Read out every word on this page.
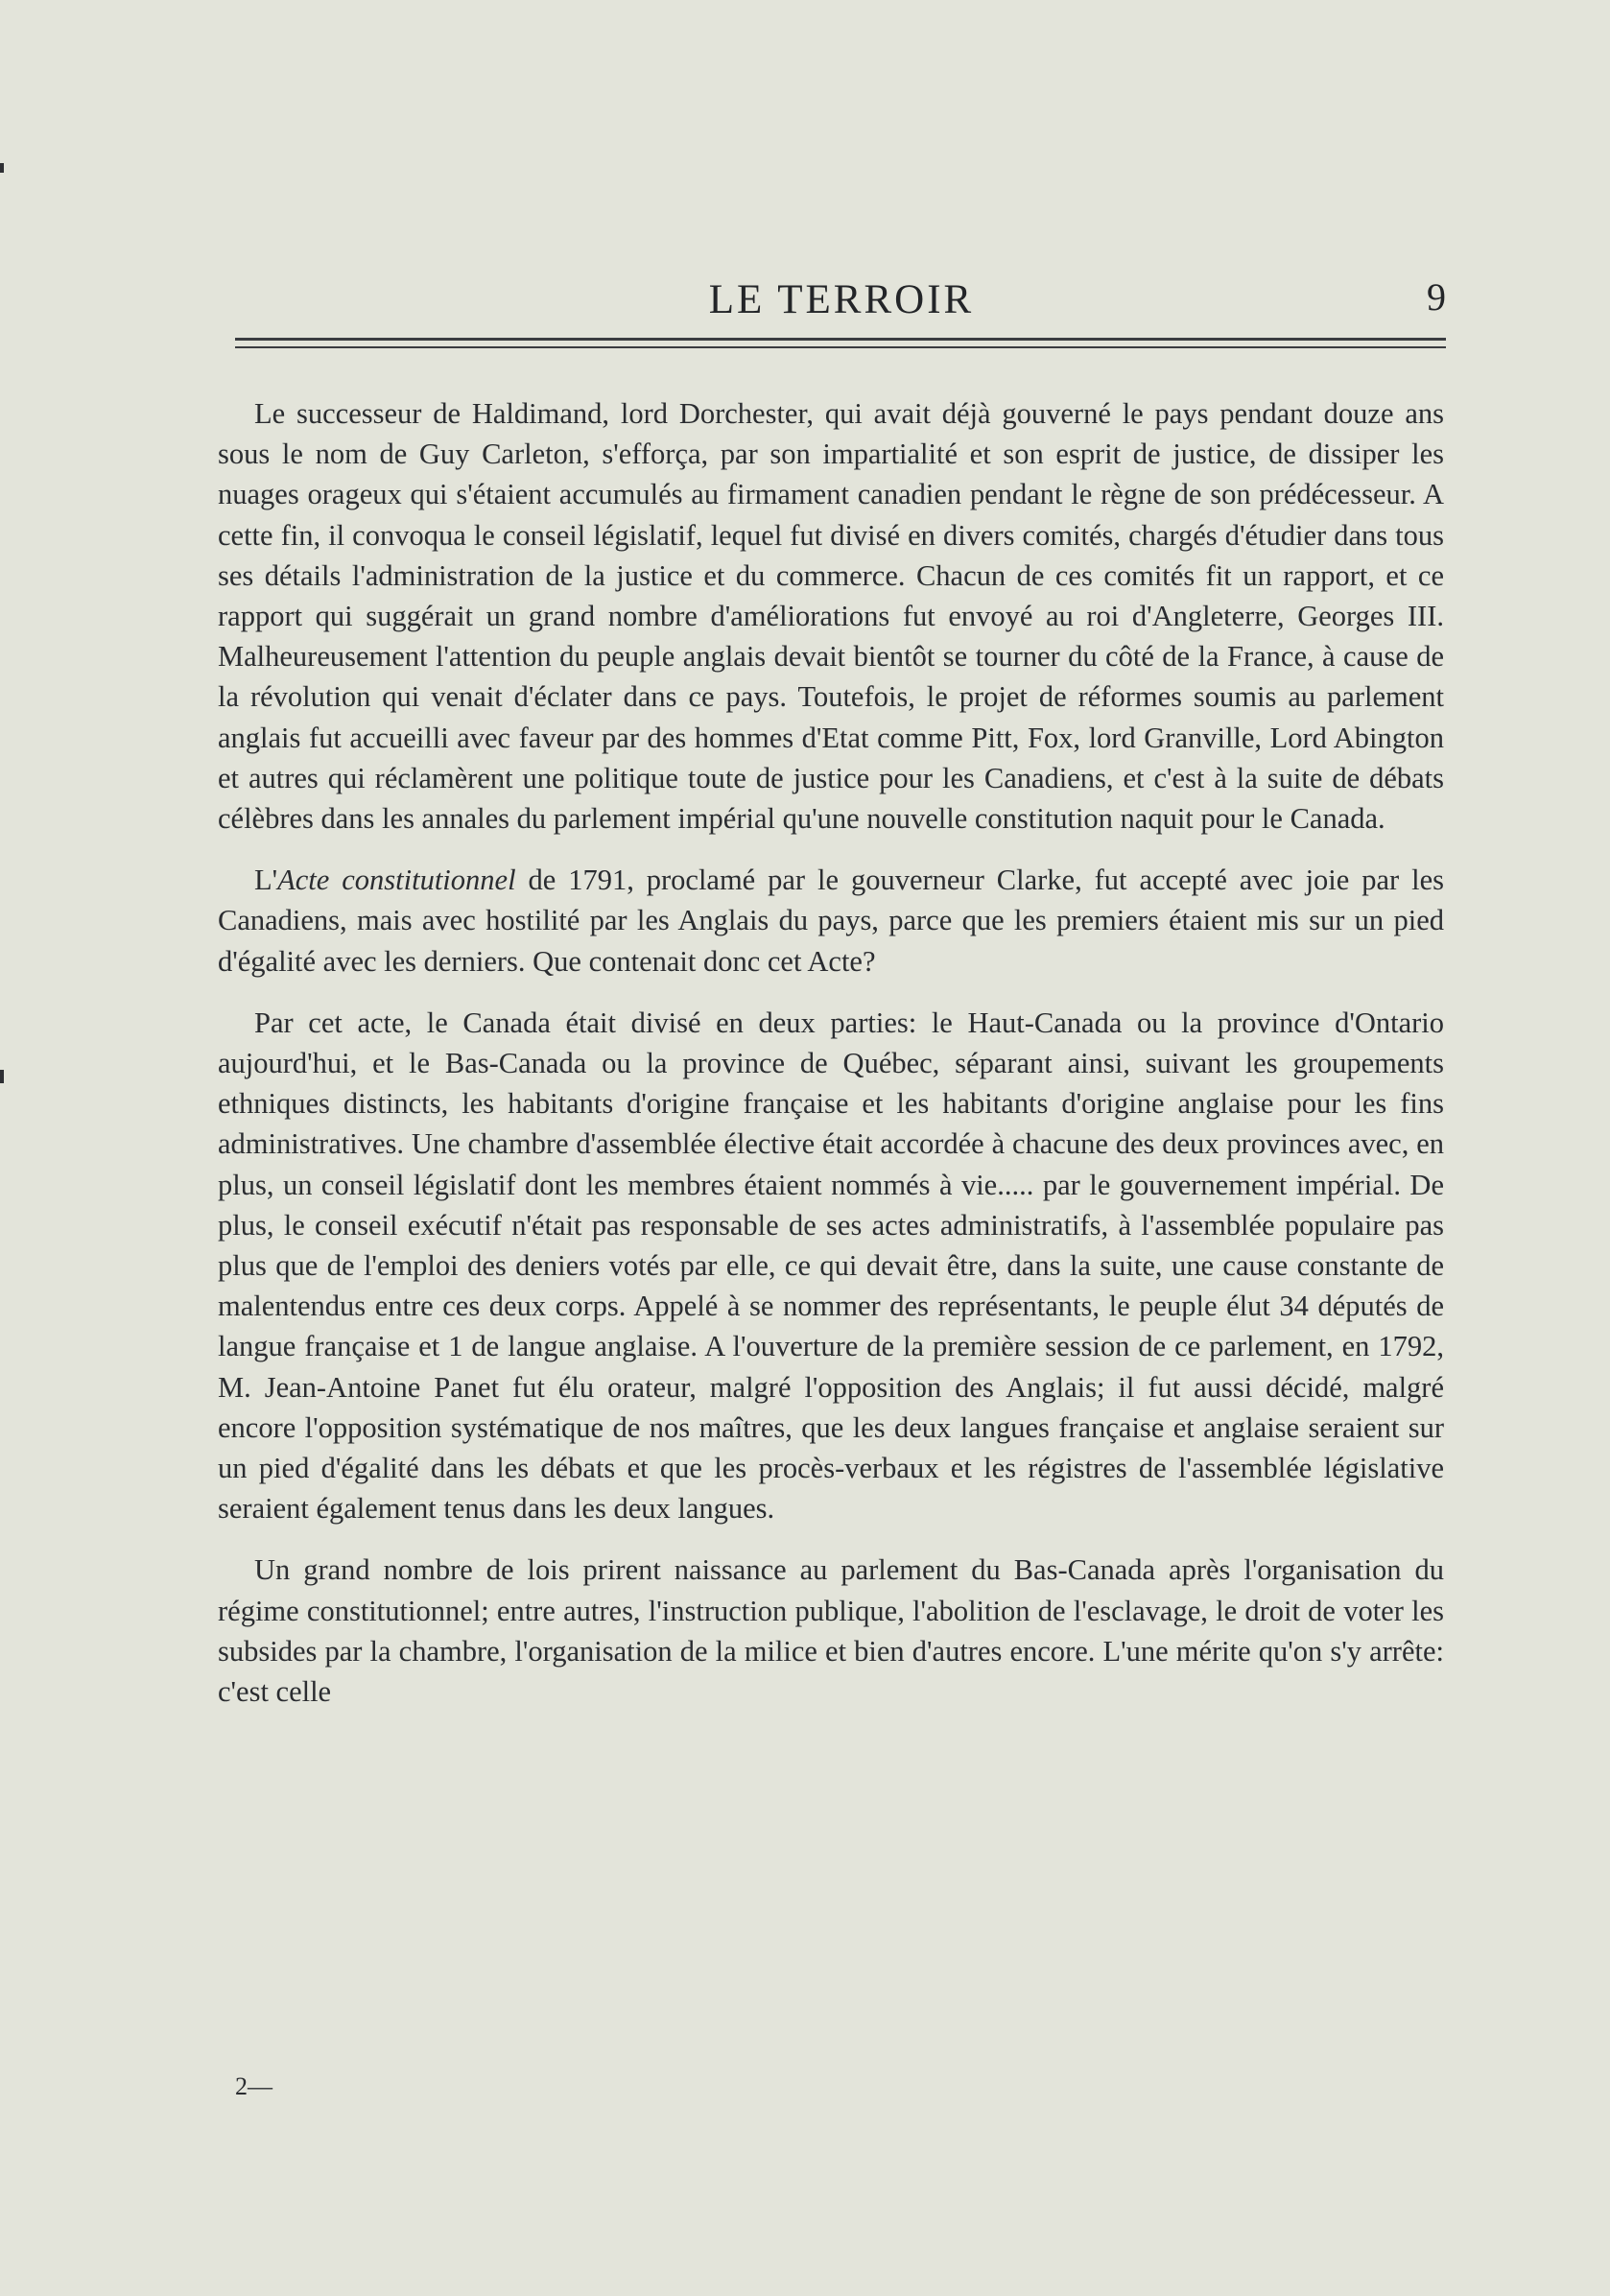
LE TERROIR	9

Le successeur de Haldimand, lord Dorchester, qui avait déjà gouverné le pays pendant douze ans sous le nom de Guy Carleton, s'efforça, par son impartialité et son esprit de justice, de dissiper les nuages orageux qui s'étaient accumulés au firmament canadien pendant le règne de son prédécesseur. A cette fin, il convoqua le conseil législatif, lequel fut divisé en divers comités, chargés d'étudier dans tous ses détails l'administration de la justice et du commerce. Chacun de ces comités fit un rapport, et ce rapport qui suggérait un grand nombre d'améliorations fut envoyé au roi d'Angleterre, Georges III. Malheureusement l'attention du peuple anglais devait bientôt se tourner du côté de la France, à cause de la révolution qui venait d'éclater dans ce pays. Toutefois, le projet de réformes soumis au parlement anglais fut accueilli avec faveur par des hommes d'Etat comme Pitt, Fox, lord Granville, Lord Abington et autres qui réclamèrent une politique toute de justice pour les Canadiens, et c'est à la suite de débats célèbres dans les annales du parlement impérial qu'une nouvelle constitution naquit pour le Canada.

L'Acte constitutionnel de 1791, proclamé par le gouverneur Clarke, fut accepté avec joie par les Canadiens, mais avec hostilité par les Anglais du pays, parce que les premiers étaient mis sur un pied d'égalité avec les derniers. Que contenait donc cet Acte?

Par cet acte, le Canada était divisé en deux parties: le Haut-Canada ou la province d'Ontario aujourd'hui, et le Bas-Canada ou la province de Québec, séparant ainsi, suivant les groupements ethniques distincts, les habitants d'origine française et les habitants d'origine anglaise pour les fins administratives. Une chambre d'assemblée élective était accordée à chacune des deux provinces avec, en plus, un conseil législatif dont les membres étaient nommés à vie..... par le gouvernement impérial. De plus, le conseil exécutif n'était pas responsable de ses actes administratifs, à l'assemblée populaire pas plus que de l'emploi des deniers votés par elle, ce qui devait être, dans la suite, une cause constante de malentendus entre ces deux corps. Appelé à se nommer des représentants, le peuple élut 34 députés de langue française et 1 de langue anglaise. A l'ouverture de la première session de ce parlement, en 1792, M. Jean-Antoine Panet fut élu orateur, malgré l'opposition des Anglais; il fut aussi décidé, malgré encore l'opposition systématique de nos maîtres, que les deux langues française et anglaise seraient sur un pied d'égalité dans les débats et que les procès-verbaux et les régistres de l'assemblée législative seraient également tenus dans les deux langues.

Un grand nombre de lois prirent naissance au parlement du Bas-Canada après l'organisation du régime constitutionnel; entre autres, l'instruction publique, l'abolition de l'esclavage, le droit de voter les subsides par la chambre, l'organisation de la milice et bien d'autres encore. L'une mérite qu'on s'y arrête: c'est celle

2—
